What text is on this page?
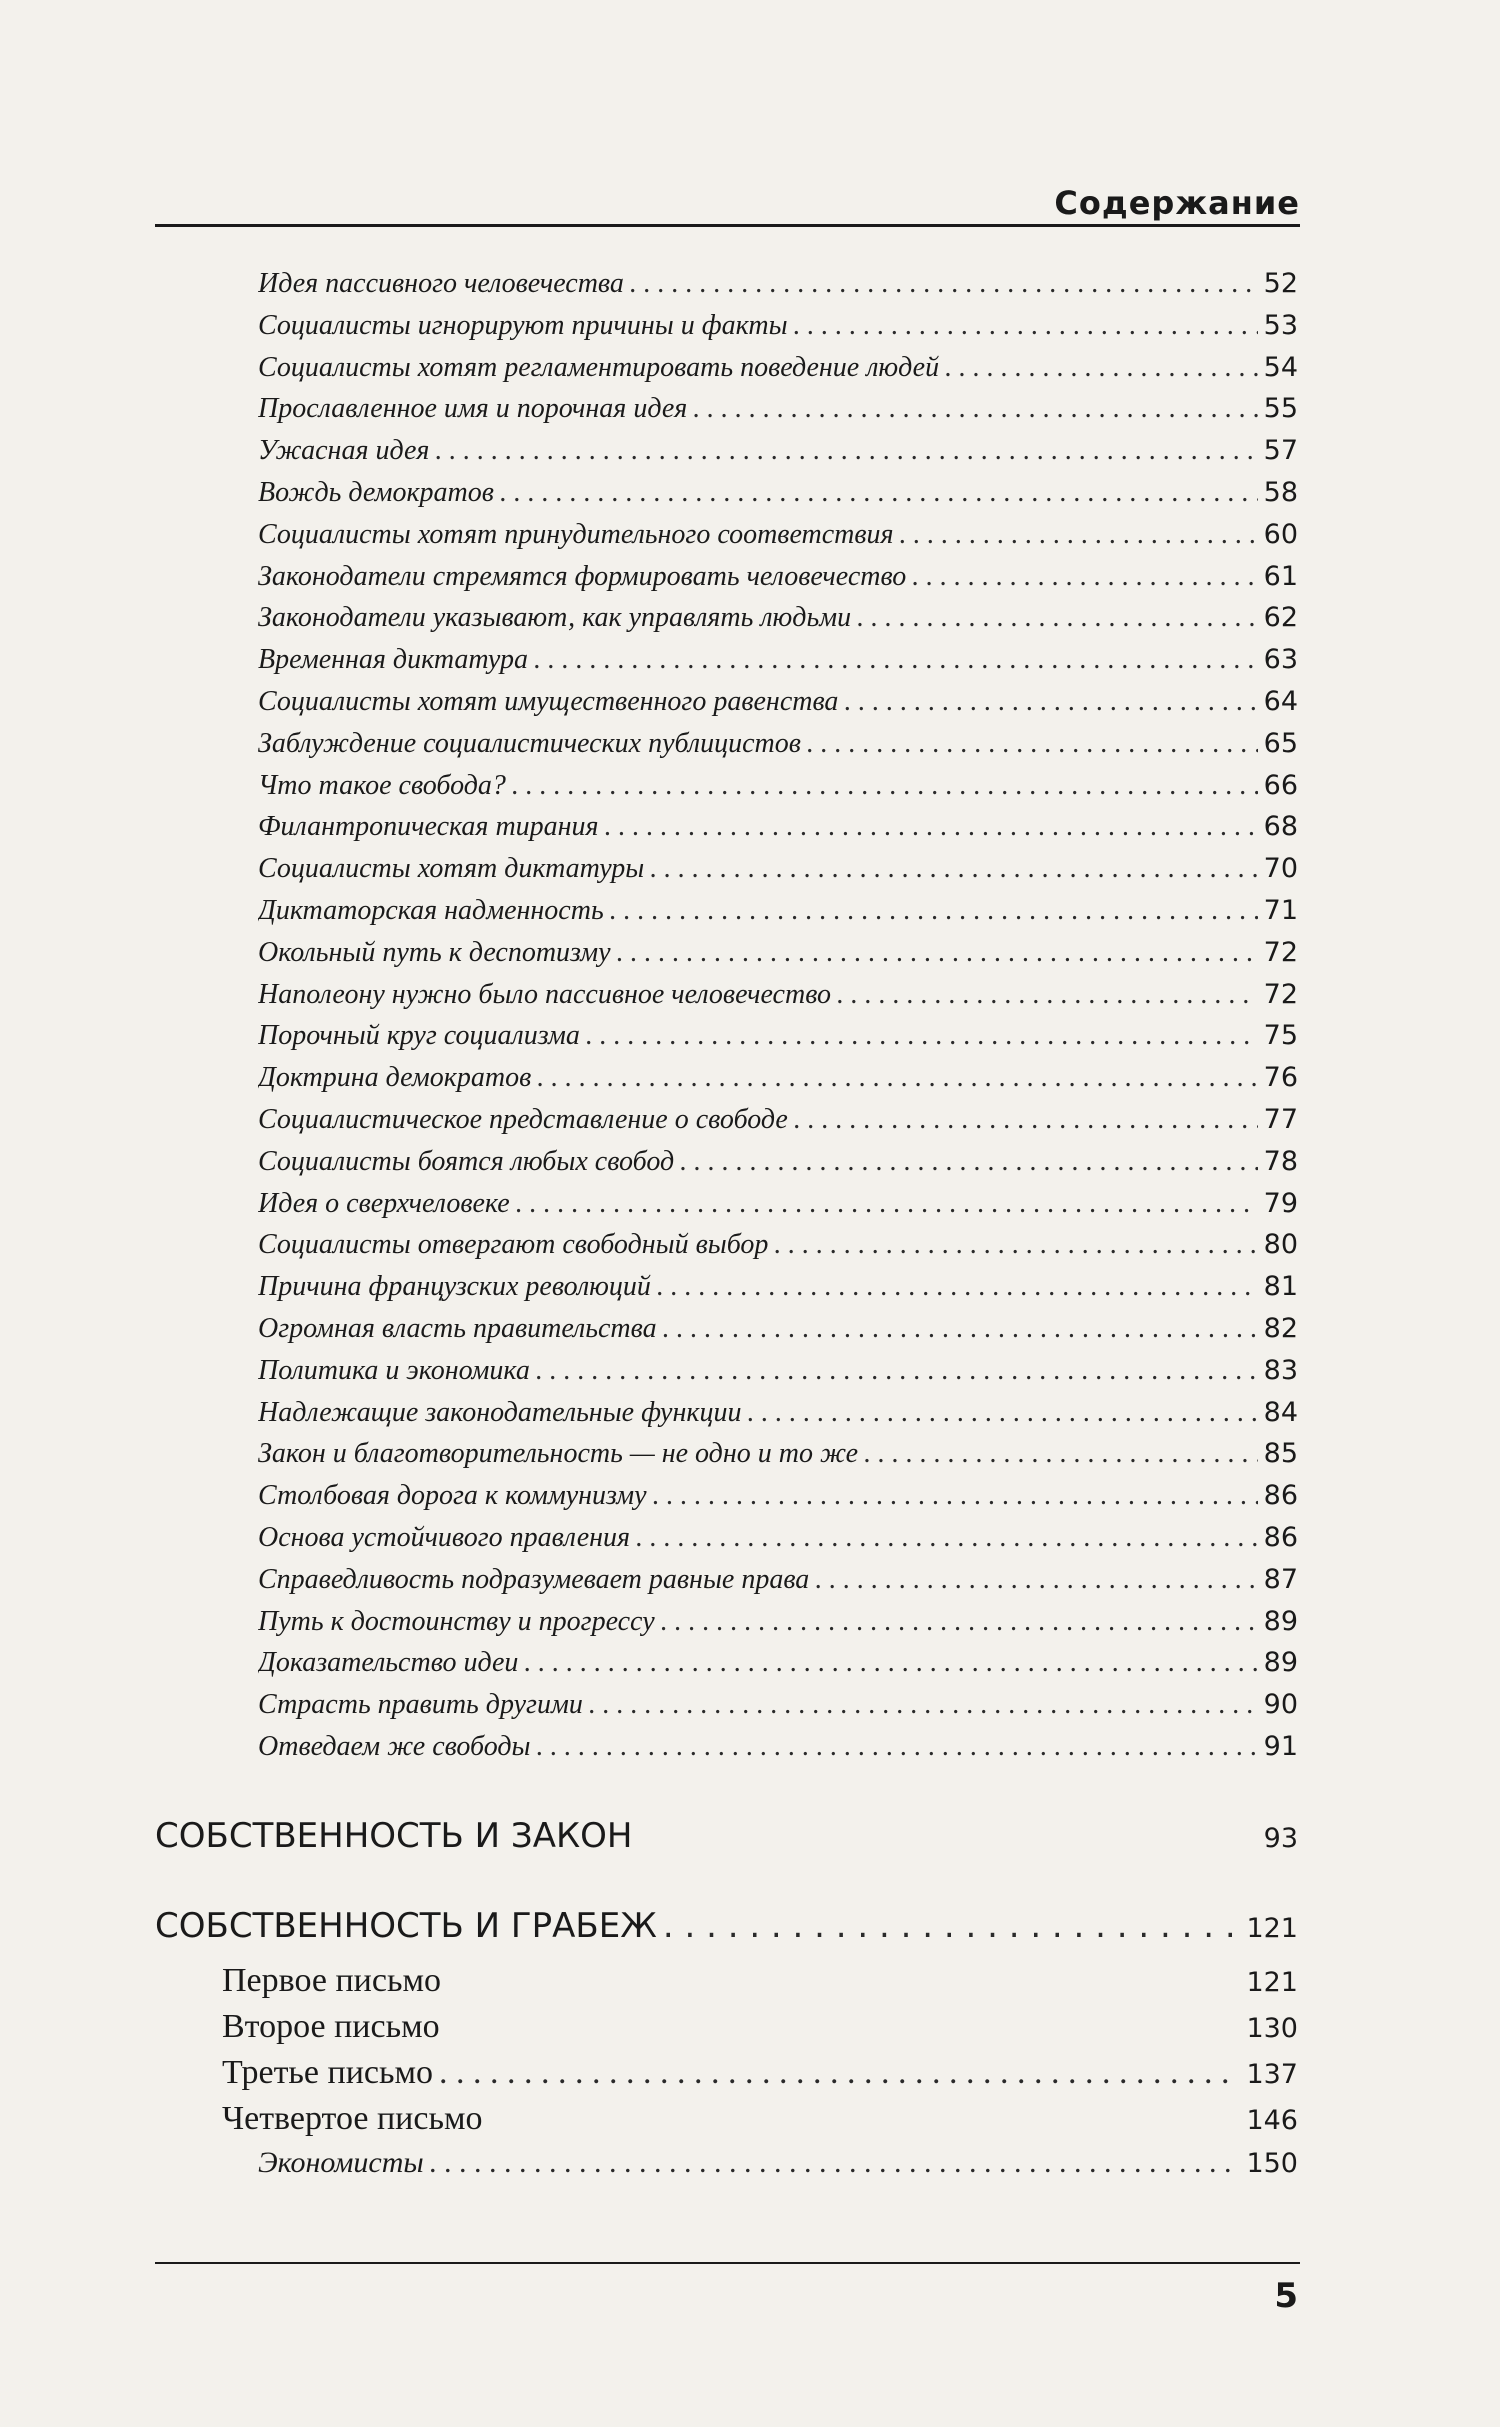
Содержание
Идея пассивного человечества . . .	52
Социалисты игнорируют причины и факты . . .	53
Социалисты хотят регламентировать поведение людей . . .	54
Прославленное имя и порочная идея . . .	55
Ужасная идея . . .	57
Вождь демократов . . .	58
Социалисты хотят принудительного соответствия . . .	60
Законодатели стремятся формировать человечество . . .	61
Законодатели указывают, как управлять людьми . . .	62
Временная диктатура . . .	63
Социалисты хотят имущественного равенства . . .	64
Заблуждение социалистических публицистов . . .	65
Что такое свобода? . . .	66
Филантропическая тирания . . .	68
Социалисты хотят диктатуры . . .	70
Диктаторская надменность . . .	71
Окольный путь к деспотизму . . .	72
Наполеону нужно было пассивное человечество . . .	72
Порочный круг социализма . . .	75
Доктрина демократов . . .	76
Социалистическое представление о свободе . . .	77
Социалисты боятся любых свобод . . .	78
Идея о сверхчеловеке . . .	79
Социалисты отвергают свободный выбор . . .	80
Причина французских революций . . .	81
Огромная власть правительства . . .	82
Политика и экономика . . .	83
Надлежащие законодательные функции . . .	84
Закон и благотворительность — не одно и то же . . .	85
Столбовая дорога к коммунизму . . .	86
Основа устойчивого правления . . .	86
Справедливость подразумевает равные права . . .	87
Путь к достоинству и прогрессу . . .	89
Доказательство идеи . . .	89
Страсть править другими . . .	90
Отведаем же свободы . . .	91
СОБСТВЕННОСТЬ И ЗАКОН	93
СОБСТВЕННОСТЬ И ГРАБЕЖ . . .	121
Первое письмо	121
Второе письмо	130
Третье письмо . . .	137
Четвертое письмо	146
Экономисты . . .	150
5
